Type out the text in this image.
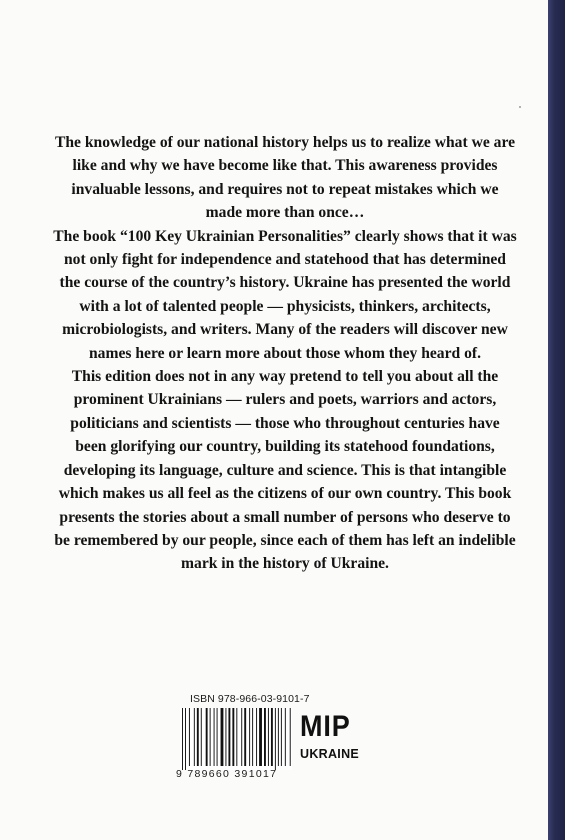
The knowledge of our national history helps us to realize what we are
like and why we have become like that. This awareness provides
invaluable lessons, and requires not to repeat mistakes which we
made more than once…
The book “100 Key Ukrainian Personalities” clearly shows that it was
not only fight for independence and statehood that has determined
the course of the country’s history. Ukraine has presented the world
with a lot of talented people — physicists, thinkers, architects,
microbiologists, and writers. Many of the readers will discover new
names here or learn more about those whom they heard of.
This edition does not in any way pretend to tell you about all the
prominent Ukrainians — rulers and poets, warriors and actors,
politicians and scientists — those who throughout centuries have
been glorifying our country, building its statehood foundations,
developing its language, culture and science. This is that intangible
which makes us all feel as the citizens of our own country. This book
presents the stories about a small number of persons who deserve to
be remembered by our people, since each of them has left an indelible
mark in the history of Ukraine.
ISBN 978-966-03-9101-7
9 789660 391017
MIP
UKRAINE
